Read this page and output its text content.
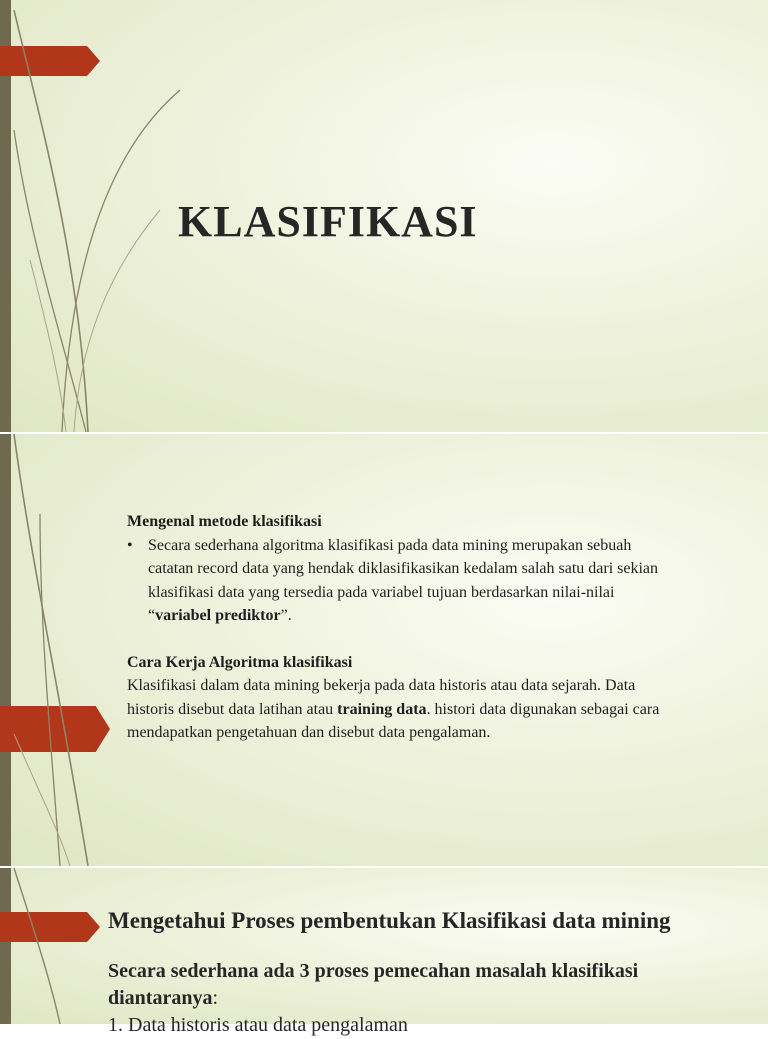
KLASIFIKASI
Mengenal metode klasifikasi
• Secara sederhana algoritma klasifikasi pada data mining merupakan sebuah catatan record data yang hendak diklasifikasikan kedalam salah satu dari sekian klasifikasi data yang tersedia pada variabel tujuan berdasarkan nilai-nilai “variabel prediktor”.
Cara Kerja Algoritma klasifikasi
Klasifikasi dalam data mining bekerja pada data historis atau data sejarah. Data historis disebut data latihan atau training data. histori data digunakan sebagai cara mendapatkan pengetahuan dan disebut data pengalaman.
Mengetahui Proses pembentukan Klasifikasi data mining
Secara sederhana ada 3 proses pemecahan masalah klasifikasi diantaranya:
1. Data historis atau data pengalaman
